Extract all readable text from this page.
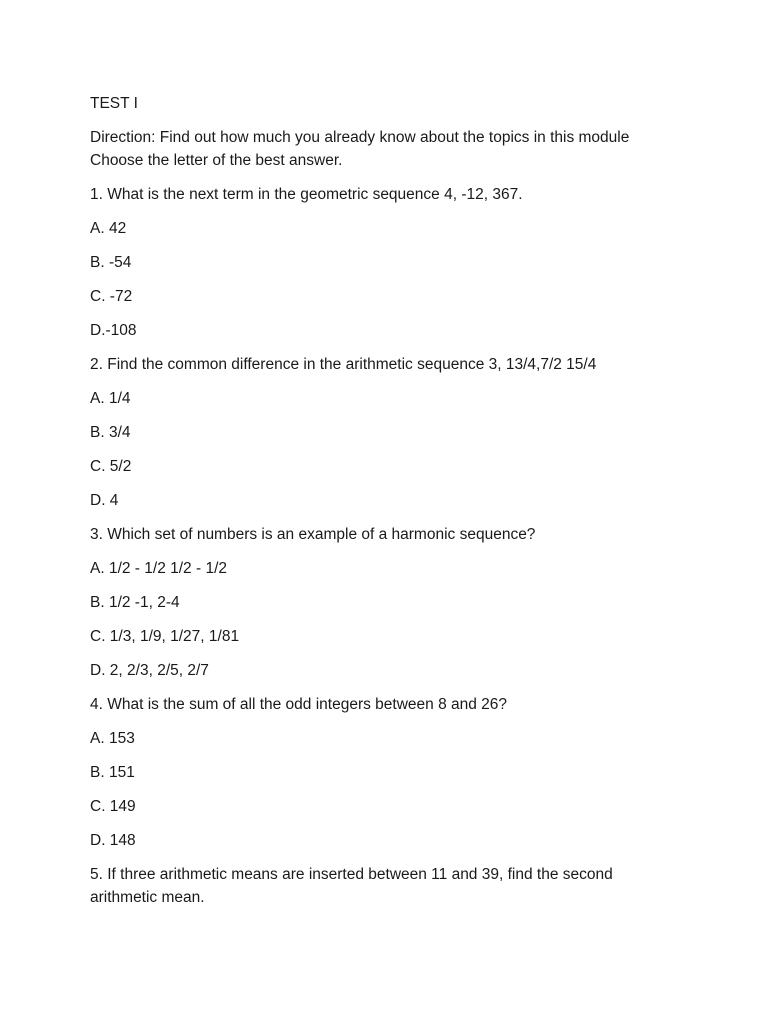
TEST I

Direction: Find out how much you already know about the topics in this module
Choose the letter of the best answer.

1. What is the next term in the geometric sequence 4, -12, 367.

A. 42

B. -54

C. -72

D.-108

2. Find the common difference in the arithmetic sequence 3, 13/4,7/2 15/4

A. 1/4

B. 3/4

C. 5/2

D. 4

3. Which set of numbers is an example of a harmonic sequence?

A. 1/2 - 1/2 1/2 - 1/2

B. 1/2 -1, 2-4

C. 1/3, 1/9, 1/27, 1/81

D. 2, 2/3, 2/5, 2/7

4. What is the sum of all the odd integers between 8 and 26?

A. 153

B. 151

C. 149

D. 148

5. If three arithmetic means are inserted between 11 and 39, find the second
arithmetic mean.
